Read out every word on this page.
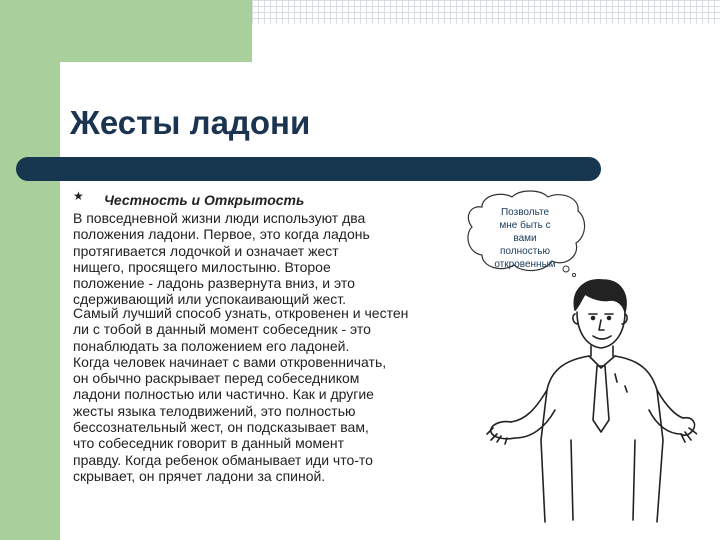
Жесты ладони
★ Честность и Открытость

В повседневной жизни люди используют два
положения ладони. Первое, это когда ладонь
протягивается лодочкой и означает жест
нищего, просящего милостыню. Второе
положение - ладонь развернута вниз, и это
сдерживающий или успокаивающий жест.

Самый лучший способ узнать, откровенен и честен
ли с тобой в данный момент собеседник - это
понаблюдать за положением его ладоней.
Когда человек начинает с вами откровенничать,
он обычно раскрывает перед собеседником
ладони полностью или частично. Как и другие
жесты языка телодвижений, это полностью
бессознательный жест, он подсказывает вам,
что собеседник говорит в данный момент
правду. Когда ребенок обманывает иди что-то
скрывает, он прячет ладони за спиной.

Позвольте
мне быть с
вами
полностью
откровенным
